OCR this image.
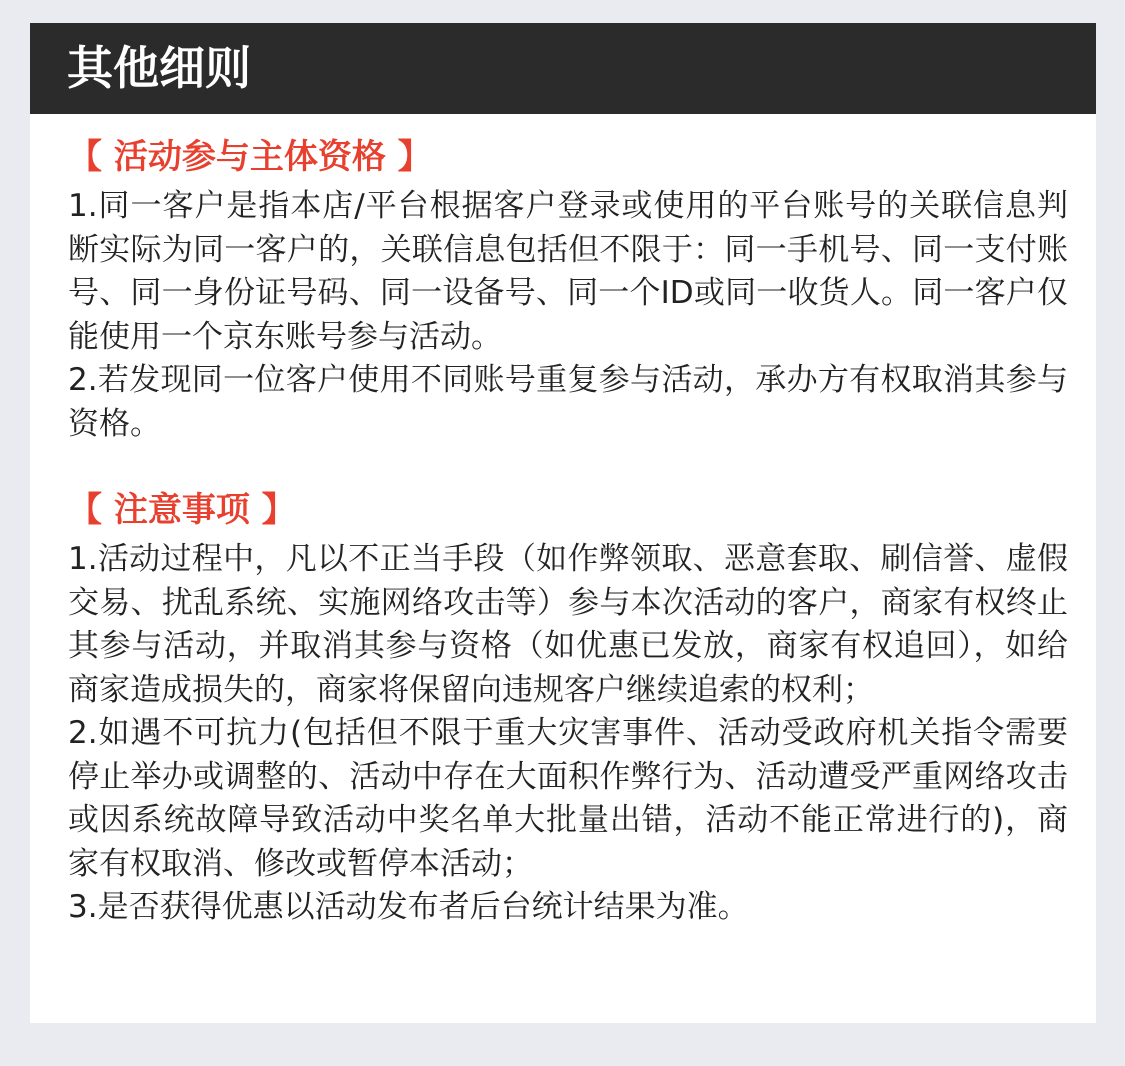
其他细则

【 活动参与主体资格 】

1.同一客户是指本店/平台根据客户登录或使用的平台账号的关联信息判断实际为同一客户的，关联信息包括但不限于：同一手机号、同一支付账号、同一身份证号码、同一设备号、同一个ID或同一收货人。同一客户仅能使用一个京东账号参与活动。

2.若发现同一位客户使用不同账号重复参与活动，承办方有权取消其参与资格。

【 注意事项 】

1.活动过程中，凡以不正当手段（如作弊领取、恶意套取、刷信誉、虚假交易、扰乱系统、实施网络攻击等）参与本次活动的客户，商家有权终止其参与活动，并取消其参与资格（如优惠已发放，商家有权追回），如给商家造成损失的，商家将保留向违规客户继续追索的权利；

2.如遇不可抗力(包括但不限于重大灾害事件、活动受政府机关指令需要停止举办或调整的、活动中存在大面积作弊行为、活动遭受严重网络攻击或因系统故障导致活动中奖名单大批量出错，活动不能正常进行的)，商家有权取消、修改或暂停本活动；

3.是否获得优惠以活动发布者后台统计结果为准。
